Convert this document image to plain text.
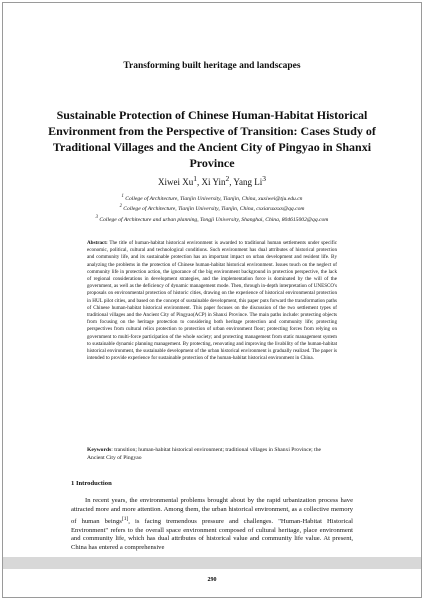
Transforming built heritage and landscapes
Sustainable Protection of Chinese Human-Habitat Historical Environment from the Perspective of Transition: Cases Study of Traditional Villages and the Ancient City of Pingyao in Shanxi Province
Xiwei Xu$^1$, Xi Yin$^2$, Yang Li$^3$
$^1$ College of Architecture, Tianjin University, Tianjin, China, xuxiwei@tju.edu.cn
$^2$ College of Architecture, Tianjin University, Tianjin, China, cxxiaruxxxx@qq.com
$^3$ College of Architecture and urban planning, Tongji University, Shanghai, China, 804615002@qq.com
Abstract: The title of human-habitat historical environment is awarded to traditional human settlements under specific economic, political, cultural and technological conditions. Such environment has dual attributes of historical protection and community life, and its sustainable protection has an important impact on urban development and resident life. By analyzing the problems in the protection of Chinese human-habitat historical environment. Issues touch on the neglect of community life in protection action, the ignorance of the big environment background in protection perspective, the lack of regional considerations in development strategies, and the implementation force is dominated by the will of the government, as well as the deficiency of dynamic management mode. Then, through in-depth interpretation of UNESCO's proposals on environmental protection of historic cities, drawing on the experience of historical environmental protection in HUL pilot cities, and based on the concept of sustainable development, this paper puts forward the transformation paths of Chinese human-habitat historical environment. This paper focuses on the discussion of the two settlement types of traditional villages and the Ancient City of Pingyao(ACP) in Shanxi Province. The main paths include: protecting objects from focusing on the heritage protection to considering both heritage protection and community life; protecting perspectives from cultural relics protection to protection of urban environment floor; protecting forces from relying on government to multi-force participation of the whole society; and protecting management from static management system to sustainable dynamic planning management. By protecting, renovating and improving the livability of the human-habitat historical environment, the sustainable development of the urban historical environment is gradually realized. The paper is intended to provide experience for sustainable protection of the human-habitat historical environment in China.
Keywords: transition; human-habitat historical environment; traditional villages in Shanxi Province; the Ancient City of Pingyao
1 Introduction
In recent years, the environmental problems brought about by the rapid urbanization process have attracted more and more attention. Among them, the urban historical environment, as a collective memory of human beings[1], is facing tremendous pressure and challenges. "Human-Habitat Historical Environment" refers to the overall space environment composed of cultural heritage, place environment and community life, which has dual attributes of historical value and community life value. At present, China has entered a comprehensive
290
